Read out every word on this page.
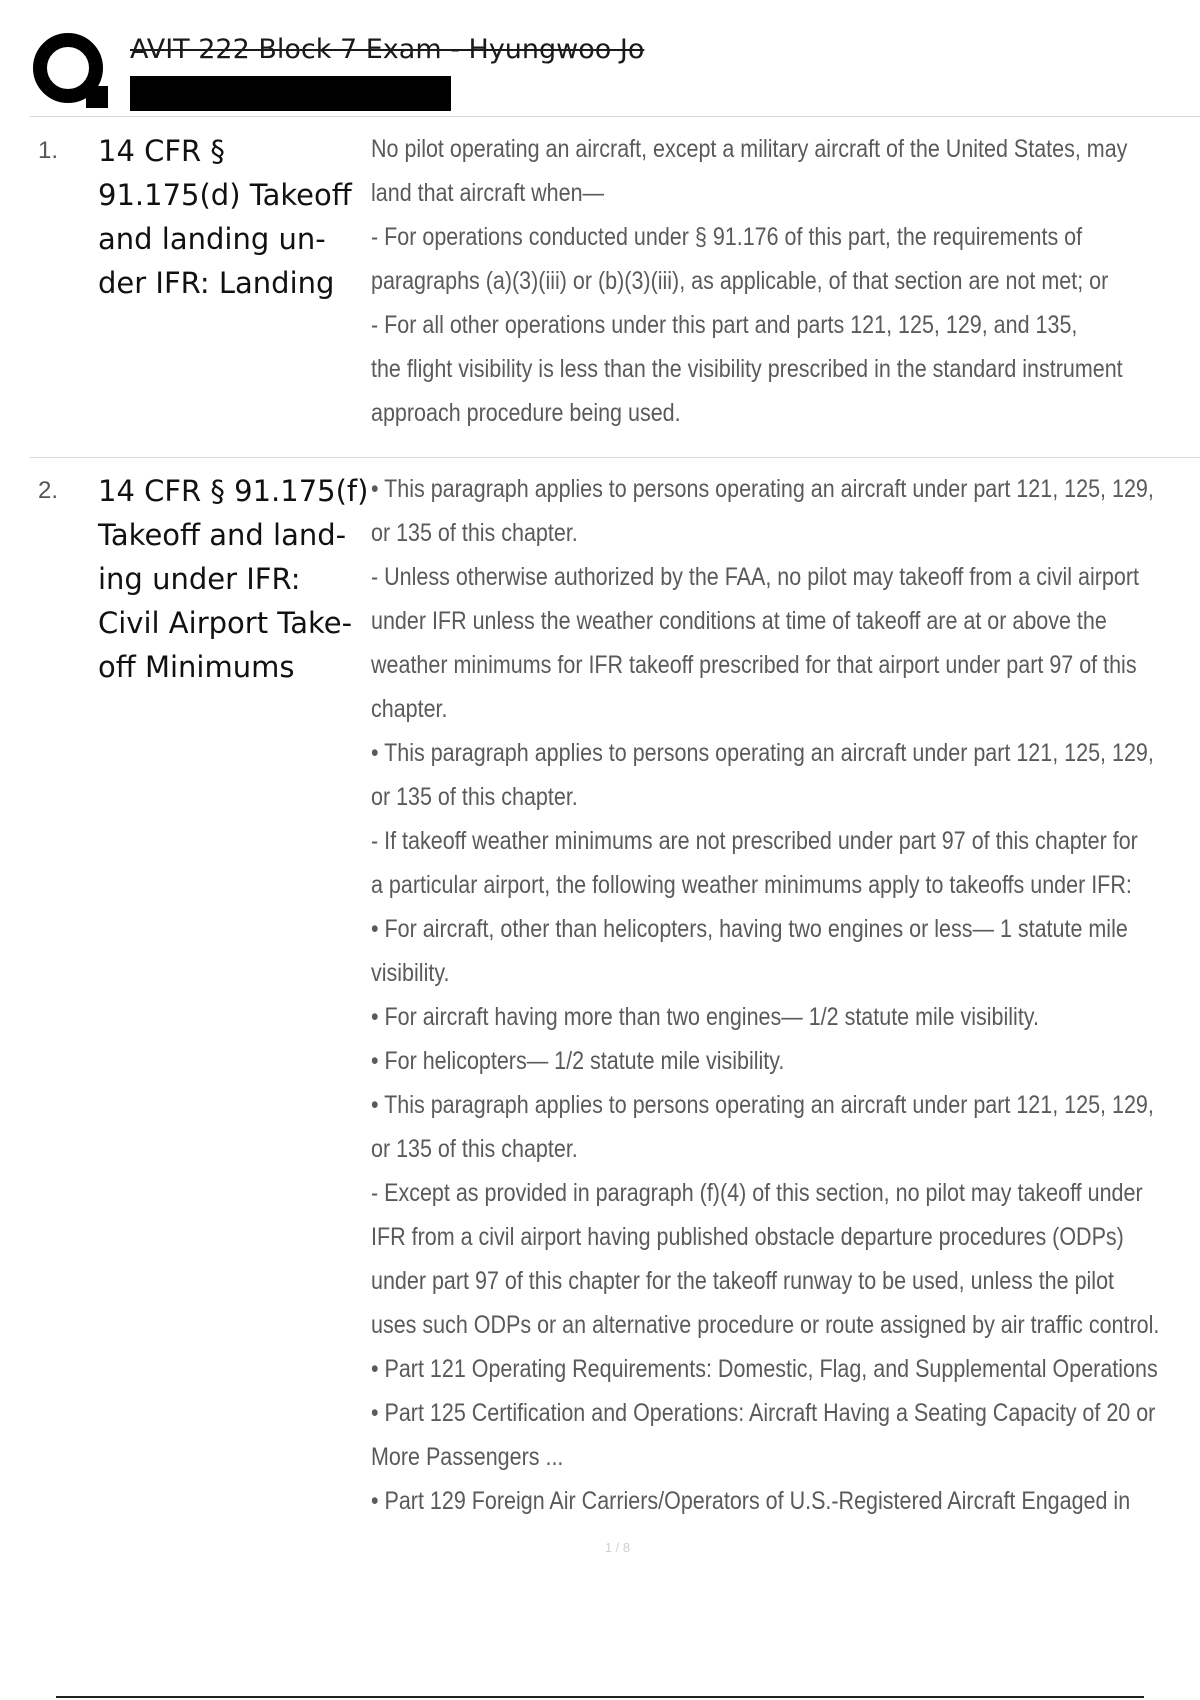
AVIT 222 Block 7 Exam - Hyungwoo Jo
1. 14 CFR §
91.175(d) Takeoff
and landing un-
der IFR: Landing
No pilot operating an aircraft, except a military aircraft of the United States, may
land that aircraft when—
- For operations conducted under § 91.176 of this part, the requirements of
paragraphs (a)(3)(iii) or (b)(3)(iii), as applicable, of that section are not met; or
- For all other operations under this part and parts 121, 125, 129, and 135,
the flight visibility is less than the visibility prescribed in the standard instrument
approach procedure being used.
2. 14 CFR § 91.175(f)
Takeoff and land-
ing under IFR:
Civil Airport Take-
off Minimums
• This paragraph applies to persons operating an aircraft under part 121, 125, 129,
or 135 of this chapter.
- Unless otherwise authorized by the FAA, no pilot may takeoff from a civil airport
under IFR unless the weather conditions at time of takeoff are at or above the
weather minimums for IFR takeoff prescribed for that airport under part 97 of this
chapter.
• This paragraph applies to persons operating an aircraft under part 121, 125, 129,
or 135 of this chapter.
- If takeoff weather minimums are not prescribed under part 97 of this chapter for
a particular airport, the following weather minimums apply to takeoffs under IFR:
• For aircraft, other than helicopters, having two engines or less— 1 statute mile
visibility.
• For aircraft having more than two engines— 1/2 statute mile visibility.
• For helicopters— 1/2 statute mile visibility.
• This paragraph applies to persons operating an aircraft under part 121, 125, 129,
or 135 of this chapter.
- Except as provided in paragraph (f)(4) of this section, no pilot may takeoff under
IFR from a civil airport having published obstacle departure procedures (ODPs)
under part 97 of this chapter for the takeoff runway to be used, unless the pilot
uses such ODPs or an alternative procedure or route assigned by air traffic control.
• Part 121 Operating Requirements: Domestic, Flag, and Supplemental Operations
• Part 125 Certification and Operations: Aircraft Having a Seating Capacity of 20 or
More Passengers ...
• Part 129 Foreign Air Carriers/Operators of U.S.-Registered Aircraft Engaged in
1 / 8
